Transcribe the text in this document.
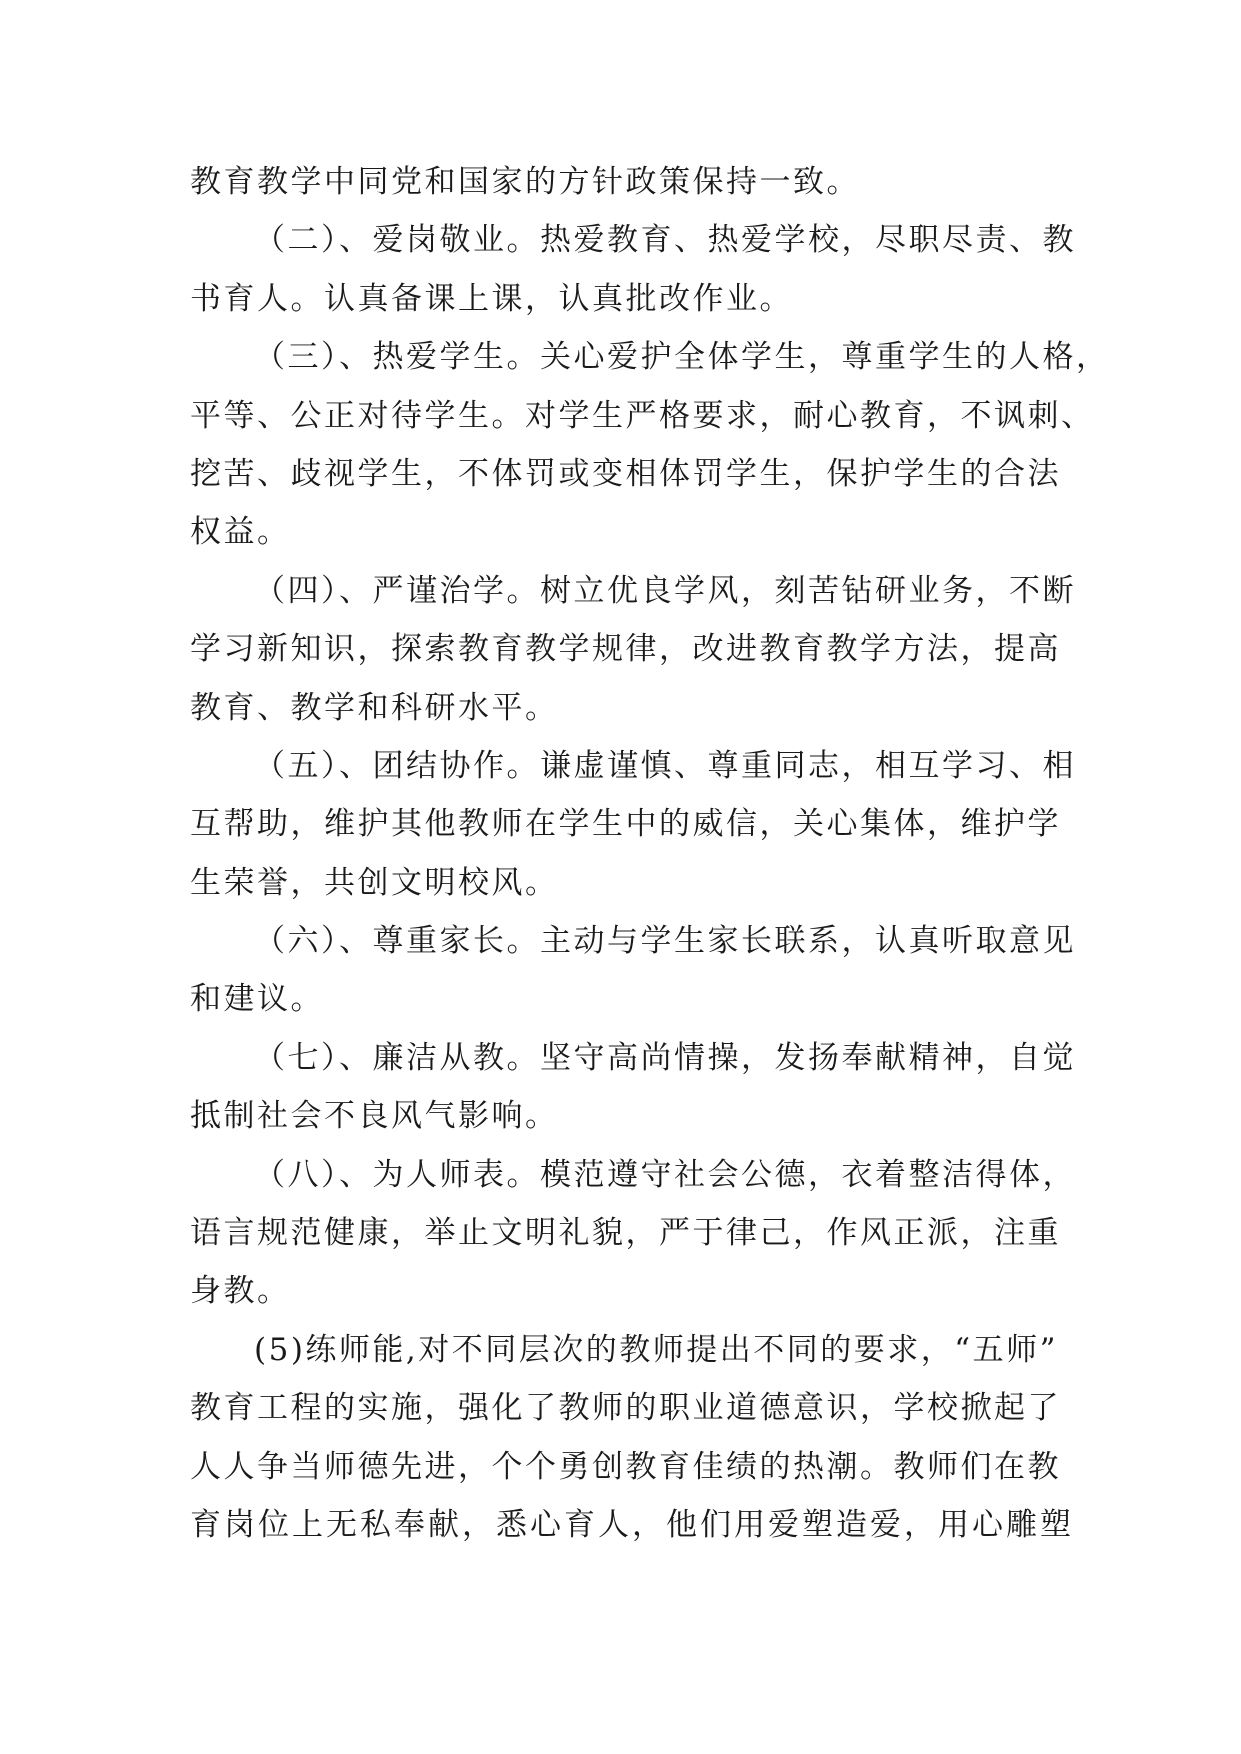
教育教学中同党和国家的方针政策保持一致。
（二）、爱岗敬业。热爱教育、热爱学校，尽职尽责、教
书育人。认真备课上课，认真批改作业。
（三）、热爱学生。关心爱护全体学生，尊重学生的人格，
平等、公正对待学生。对学生严格要求，耐心教育，不讽刺、
挖苦、歧视学生，不体罚或变相体罚学生，保护学生的合法
权益。
（四）、严谨治学。树立优良学风，刻苦钻研业务，不断
学习新知识，探索教育教学规律，改进教育教学方法，提高
教育、教学和科研水平。
（五）、团结协作。谦虚谨慎、尊重同志，相互学习、相
互帮助，维护其他教师在学生中的威信，关心集体，维护学
生荣誉，共创文明校风。
（六）、尊重家长。主动与学生家长联系，认真听取意见
和建议。
（七）、廉洁从教。坚守高尚情操，发扬奉献精神，自觉
抵制社会不良风气影响。
（八）、为人师表。模范遵守社会公德，衣着整洁得体，
语言规范健康，举止文明礼貌，严于律己，作风正派，注重
身教。
(5)练师能,对不同层次的教师提出不同的要求，“五师”
教育工程的实施，强化了教师的职业道德意识，学校掀起了
人人争当师德先进，个个勇创教育佳绩的热潮。教师们在教
育岗位上无私奉献，悉心育人，他们用爱塑造爱，用心雕塑
